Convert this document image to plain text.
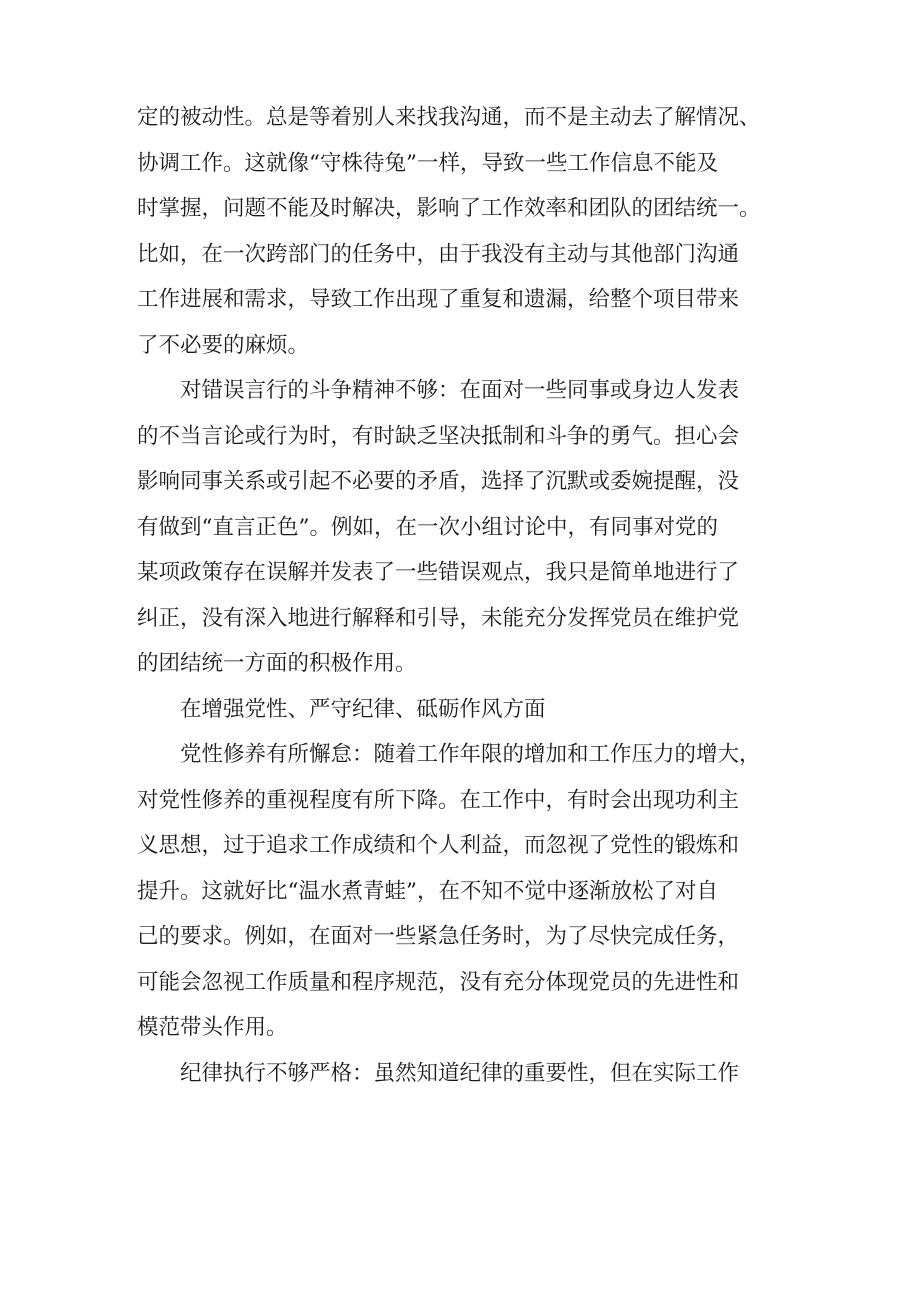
定的被动性。总是等着别人来找我沟通，而不是主动去了解情况、
协调工作。这就像“守株待兔”一样，导致一些工作信息不能及
时掌握，问题不能及时解决，影响了工作效率和团队的团结统一。
比如，在一次跨部门的任务中，由于我没有主动与其他部门沟通
工作进展和需求，导致工作出现了重复和遗漏，给整个项目带来
了不必要的麻烦。
对错误言行的斗争精神不够：在面对一些同事或身边人发表
的不当言论或行为时，有时缺乏坚决抵制和斗争的勇气。担心会
影响同事关系或引起不必要的矛盾，选择了沉默或委婉提醒，没
有做到“直言正色”。例如，在一次小组讨论中，有同事对党的
某项政策存在误解并发表了一些错误观点，我只是简单地进行了
纠正，没有深入地进行解释和引导，未能充分发挥党员在维护党
的团结统一方面的积极作用。
在增强党性、严守纪律、砥砺作风方面
党性修养有所懈怠：随着工作年限的增加和工作压力的增大，
对党性修养的重视程度有所下降。在工作中，有时会出现功利主
义思想，过于追求工作成绩和个人利益，而忽视了党性的锻炼和
提升。这就好比“温水煮青蛙”，在不知不觉中逐渐放松了对自
己的要求。例如，在面对一些紧急任务时，为了尽快完成任务，
可能会忽视工作质量和程序规范，没有充分体现党员的先进性和
模范带头作用。
纪律执行不够严格：虽然知道纪律的重要性，但在实际工作
